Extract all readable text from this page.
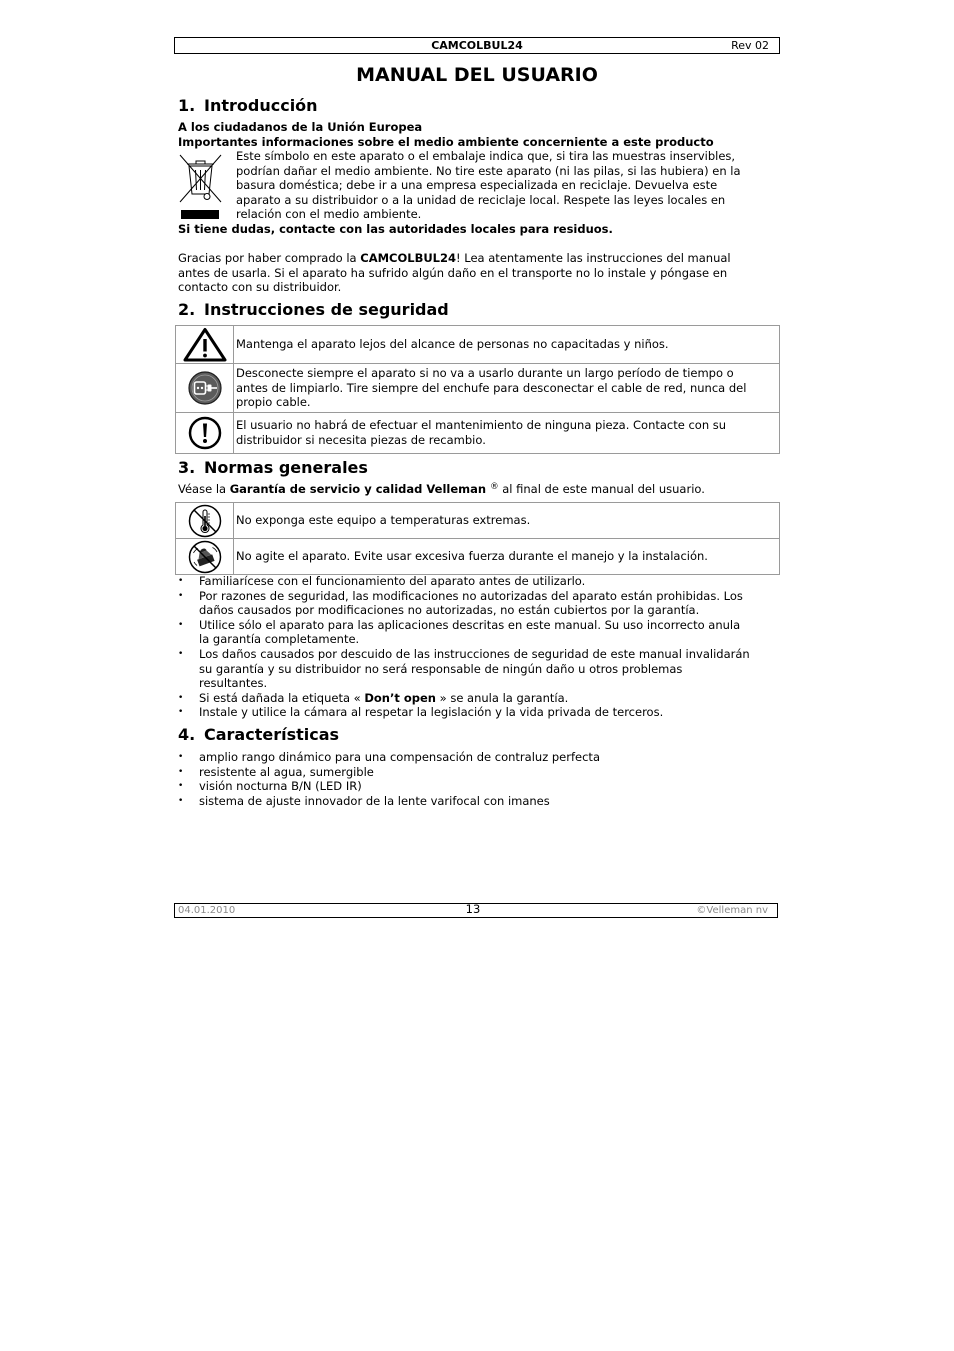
CAMCOLBUL24	Rev 02
MANUAL DEL USUARIO
1. Introducción
A los ciudadanos de la Unión Europea
Importantes informaciones sobre el medio ambiente concerniente a este producto
Este símbolo en este aparato o el embalaje indica que, si tira las muestras inservibles,
podrían dañar el medio ambiente. No tire este aparato (ni las pilas, si las hubiera) en la
basura doméstica; debe ir a una empresa especializada en reciclaje. Devuelva este
aparato a su distribuidor o a la unidad de reciclaje local. Respete las leyes locales en
relación con el medio ambiente.
Si tiene dudas, contacte con las autoridades locales para residuos.
Gracias por haber comprado la CAMCOLBUL24! Lea atentamente las instrucciones del manual
antes de usarla. Si el aparato ha sufrido algún daño en el transporte no lo instale y póngase en
contacto con su distribuidor.
2. Instrucciones de seguridad
Mantenga el aparato lejos del alcance de personas no capacitadas y niños.
Desconecte siempre el aparato si no va a usarlo durante un largo período de tiempo o
antes de limpiarlo. Tire siempre del enchufe para desconectar el cable de red, nunca del
propio cable.
El usuario no habrá de efectuar el mantenimiento de ninguna pieza. Contacte con su
distribuidor si necesita piezas de recambio.
3. Normas generales
Véase la Garantía de servicio y calidad Velleman ® al final de este manual del usuario.
No exponga este equipo a temperaturas extremas.
No agite el aparato. Evite usar excesiva fuerza durante el manejo y la instalación.
•	Familiarícese con el funcionamiento del aparato antes de utilizarlo.
•	Por razones de seguridad, las modificaciones no autorizadas del aparato están prohibidas. Los
daños causados por modificaciones no autorizadas, no están cubiertos por la garantía.
•	Utilice sólo el aparato para las aplicaciones descritas en este manual. Su uso incorrecto anula
la garantía completamente.
•	Los daños causados por descuido de las instrucciones de seguridad de este manual invalidarán
su garantía y su distribuidor no será responsable de ningún daño u otros problemas
resultantes.
•	Si está dañada la etiqueta « Don’t open » se anula la garantía.
•	Instale y utilice la cámara al respetar la legislación y la vida privada de terceros.
4. Características
•	amplio rango dinámico para una compensación de contraluz perfecta
•	resistente al agua, sumergible
•	visión nocturna B/N (LED IR)
•	sistema de ajuste innovador de la lente varifocal con imanes
04.01.2010	13	©Velleman nv
